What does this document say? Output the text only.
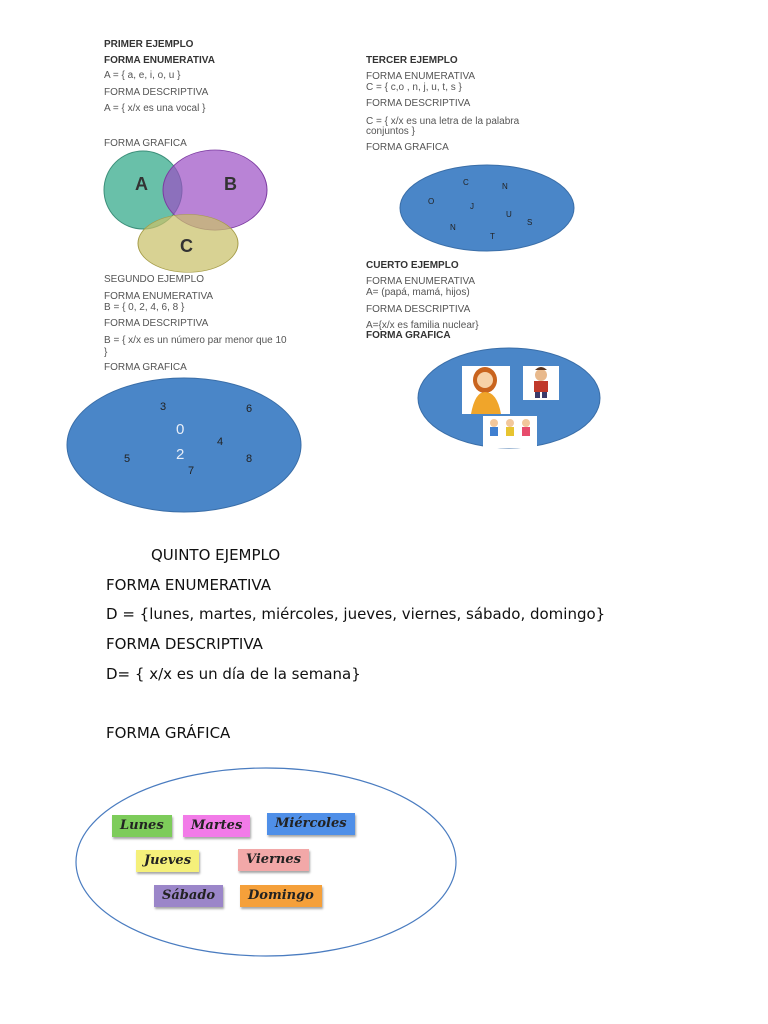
PRIMER EJEMPLO
FORMA ENUMERATIVA
A = { a, e, i, o, u }
FORMA DESCRIPTIVA
A = { x/x es una vocal }
FORMA GRAFICA
A	B
C
SEGUNDO EJEMPLO
FORMA ENUMERATIVA
B = { 0, 2, 4, 6, 8 }
FORMA DESCRIPTIVA
B = { x/x es un número par menor que 10
}
FORMA GRAFICA
3	6
0
4
5	2	8
7
TERCER EJEMPLO
FORMA ENUMERATIVA
C = { c,o , n, j, u, t, s }
FORMA DESCRIPTIVA
C = { x/x es una letra de la palabra
conjuntos }
FORMA GRAFICA
C	N
O
J
U
S
N
T
CUERTO EJEMPLO
FORMA ENUMERATIVA
A= (papá, mamá, hijos)
FORMA DESCRIPTIVA
A={x/x es familia nuclear}
FORMA GRAFICA
QUINTO EJEMPLO
FORMA ENUMERATIVA
D = {lunes, martes, miércoles, jueves, viernes, sábado, domingo}
FORMA DESCRIPTIVA
D= { x/x es un día de la semana}
FORMA GRÁFICA
Lunes	Martes	Miércoles
Jueves	Viernes
Sábado	Domingo
